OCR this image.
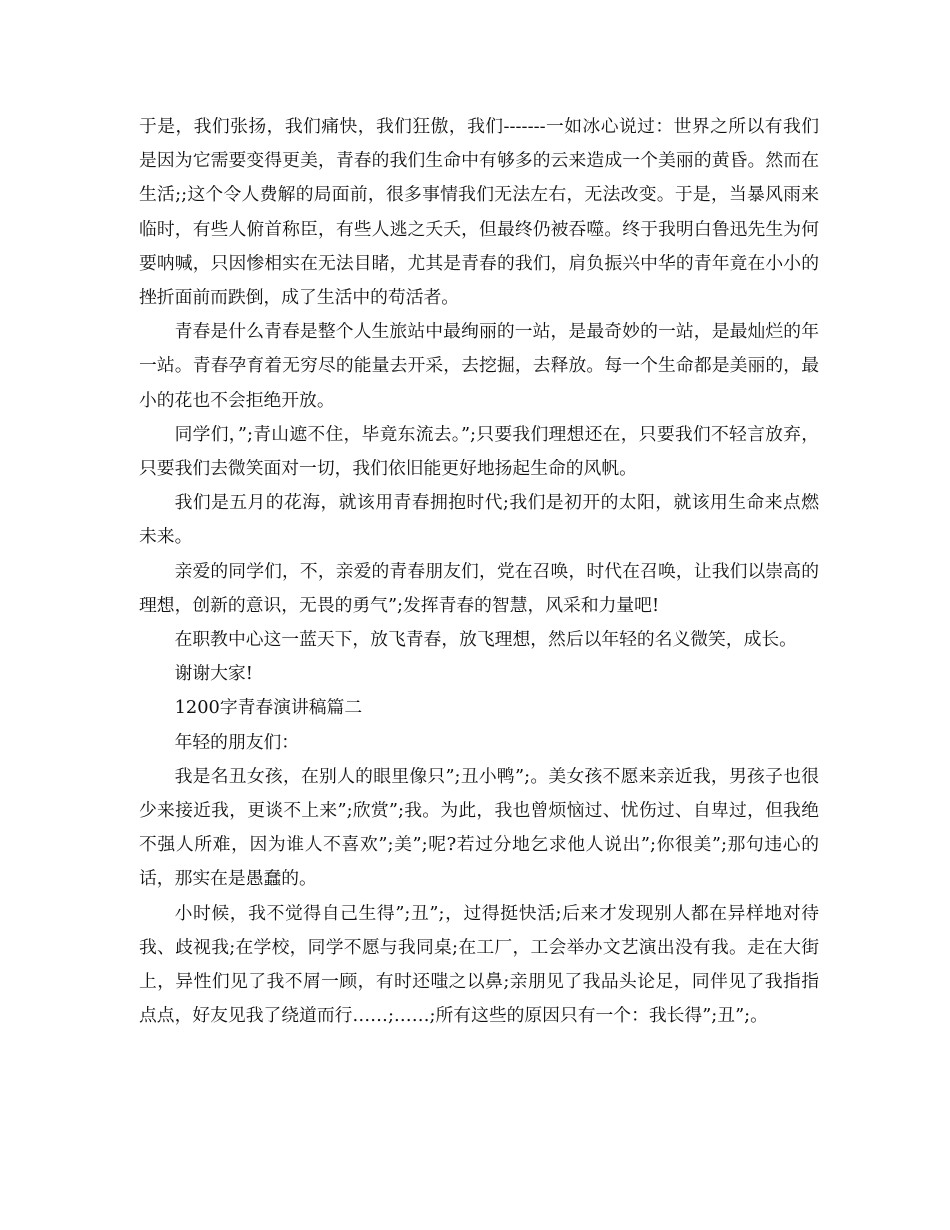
于是，我们张扬，我们痛快，我们狂傲，我们-------一如冰心说过：世界之所以有我们是因为它需要变得更美，青春的我们生命中有够多的云来造成一个美丽的黄昏。然而在生活;;这个令人费解的局面前，很多事情我们无法左右，无法改变。于是，当暴风雨来临时，有些人俯首称臣，有些人逃之夭夭，但最终仍被吞噬。终于我明白鲁迅先生为何要呐喊，只因惨相实在无法目睹，尤其是青春的我们，肩负振兴中华的青年竟在小小的挫折面前而跌倒，成了生活中的苟活者。

青春是什么青春是整个人生旅站中最绚丽的一站，是最奇妙的一站，是最灿烂的年一站。青春孕育着无穷尽的能量去开采，去挖掘，去释放。每一个生命都是美丽的，最小的花也不会拒绝开放。

同学们，”;青山遮不住，毕竟东流去。”;只要我们理想还在，只要我们不轻言放弃，只要我们去微笑面对一切，我们依旧能更好地扬起生命的风帆。

我们是五月的花海，就该用青春拥抱时代;我们是初开的太阳，就该用生命来点燃未来。

亲爱的同学们，不，亲爱的青春朋友们，党在召唤，时代在召唤，让我们以崇高的理想，创新的意识，无畏的勇气”;发挥青春的智慧，风采和力量吧!

在职教中心这一蓝天下，放飞青春，放飞理想，然后以年轻的名义微笑，成长。

谢谢大家!

1200字青春演讲稿篇二

年轻的朋友们：

我是名丑女孩，在别人的眼里像只”;丑小鸭”;。美女孩不愿来亲近我，男孩子也很少来接近我，更谈不上来”;欣赏”;我。为此，我也曾烦恼过、忧伤过、自卑过，但我绝不强人所难，因为谁人不喜欢”;美”;呢?若过分地乞求他人说出”;你很美”;那句违心的话，那实在是愚蠢的。

小时候，我不觉得自己生得”;丑”;，过得挺快活;后来才发现别人都在异样地对待我、歧视我;在学校，同学不愿与我同桌;在工厂，工会举办文艺演出没有我。走在大街上，异性们见了我不屑一顾，有时还嗤之以鼻;亲朋见了我品头论足，同伴见了我指指点点，好友见我了绕道而行……;……;所有这些的原因只有一个：我长得”;丑”;。
